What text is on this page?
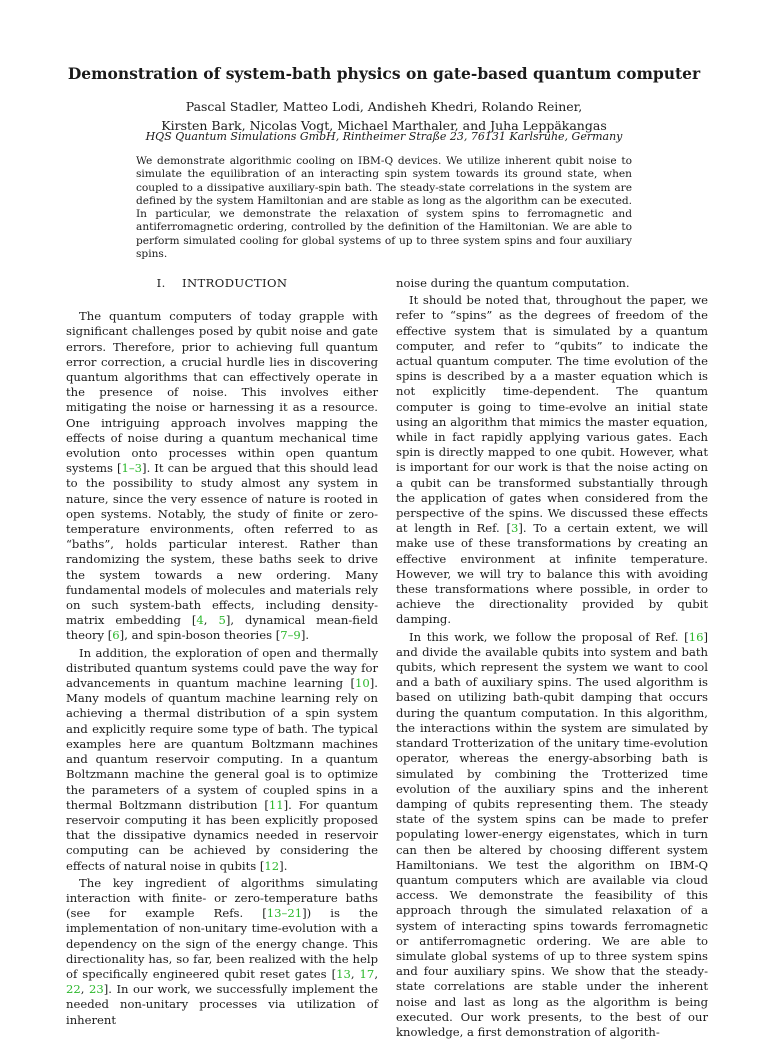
Demonstration of system-bath physics on gate-based quantum computer
Pascal Stadler, Matteo Lodi, Andisheh Khedri, Rolando Reiner,
Kirsten Bark, Nicolas Vogt, Michael Marthaler, and Juha Leppäkangas
HQS Quantum Simulations GmbH, Rintheimer Straße 23, 76131 Karlsruhe, Germany
We demonstrate algorithmic cooling on IBM-Q devices. We utilize inherent qubit noise to simulate the equilibration of an interacting spin system towards its ground state, when coupled to a dissipative auxiliary-spin bath. The steady-state correlations in the system are defined by the system Hamiltonian and are stable as long as the algorithm can be executed. In particular, we demonstrate the relaxation of system spins to ferromagnetic and antiferromagnetic ordering, controlled by the definition of the Hamiltonian. We are able to perform simulated cooling for global systems of up to three system spins and four auxiliary spins.
I. INTRODUCTION

The quantum computers of today grapple with significant challenges posed by qubit noise and gate errors. Therefore, prior to achieving full quantum error correction, a crucial hurdle lies in discovering quantum algorithms that can effectively operate in the presence of noise. This involves either mitigating the noise or harnessing it as a resource. One intriguing approach involves mapping the effects of noise during a quantum mechanical time evolution onto processes within open quantum systems [1–3]. It can be argued that this should lead to the possibility to study almost any system in nature, since the very essence of nature is rooted in open systems. Notably, the study of finite or zero-temperature environments, often referred to as “baths”, holds particular interest. Rather than randomizing the system, these baths seek to drive the system towards a new ordering. Many fundamental models of molecules and materials rely on such system-bath effects, including density-matrix embedding [4, 5], dynamical mean-field theory [6], and spin-boson theories [7–9].

In addition, the exploration of open and thermally distributed quantum systems could pave the way for advancements in quantum machine learning [10]. Many models of quantum machine learning rely on achieving a thermal distribution of a spin system and explicitly require some type of bath. The typical examples here are quantum Boltzmann machines and quantum reservoir computing. In a quantum Boltzmann machine the general goal is to optimize the parameters of a system of coupled spins in a thermal Boltzmann distribution [11]. For quantum reservoir computing it has been explicitly proposed that the dissipative dynamics needed in reservoir computing can be achieved by considering the effects of natural noise in qubits [12].

The key ingredient of algorithms simulating interaction with finite- or zero-temperature baths (see for example Refs. [13–21]) is the implementation of non-unitary time-evolution with a dependency on the sign of the energy change. This directionality has, so far, been realized with the help of specifically engineered qubit reset gates [13, 17, 22, 23]. In our work, we successfully implement the needed non-unitary processes via utilization of inherent

noise during the quantum computation.

It should be noted that, throughout the paper, we refer to “spins” as the degrees of freedom of the effective system that is simulated by a quantum computer, and refer to “qubits” to indicate the actual quantum computer. The time evolution of the spins is described by a a master equation which is not explicitly time-dependent. The quantum computer is going to time-evolve an initial state using an algorithm that mimics the master equation, while in fact rapidly applying various gates. Each spin is directly mapped to one qubit. However, what is important for our work is that the noise acting on a qubit can be transformed substantially through the application of gates when considered from the perspective of the spins. We discussed these effects at length in Ref. [3]. To a certain extent, we will make use of these transformations by creating an effective environment at infinite temperature. However, we will try to balance this with avoiding these transformations where possible, in order to achieve the directionality provided by qubit damping.

In this work, we follow the proposal of Ref. [16] and divide the available qubits into system and bath qubits, which represent the system we want to cool and a bath of auxiliary spins. The used algorithm is based on utilizing bath-qubit damping that occurs during the quantum computation. In this algorithm, the interactions within the system are simulated by standard Trotterization of the unitary time-evolution operator, whereas the energy-absorbing bath is simulated by combining the Trotterized time evolution of the auxiliary spins and the inherent damping of qubits representing them. The steady state of the system spins can be made to prefer populating lower-energy eigenstates, which in turn can then be altered by choosing different system Hamiltonians. We test the algorithm on IBM-Q quantum computers which are available via cloud access. We demonstrate the feasibility of this approach through the simulated relaxation of a system of interacting spins towards ferromagnetic or antiferromagnetic ordering. We are able to simulate global systems of up to three system spins and four auxiliary spins. We show that the steady-state correlations are stable under the inherent noise and last as long as the algorithm is being executed. Our work presents, to the best of our knowledge, a first demonstration of algorith-
